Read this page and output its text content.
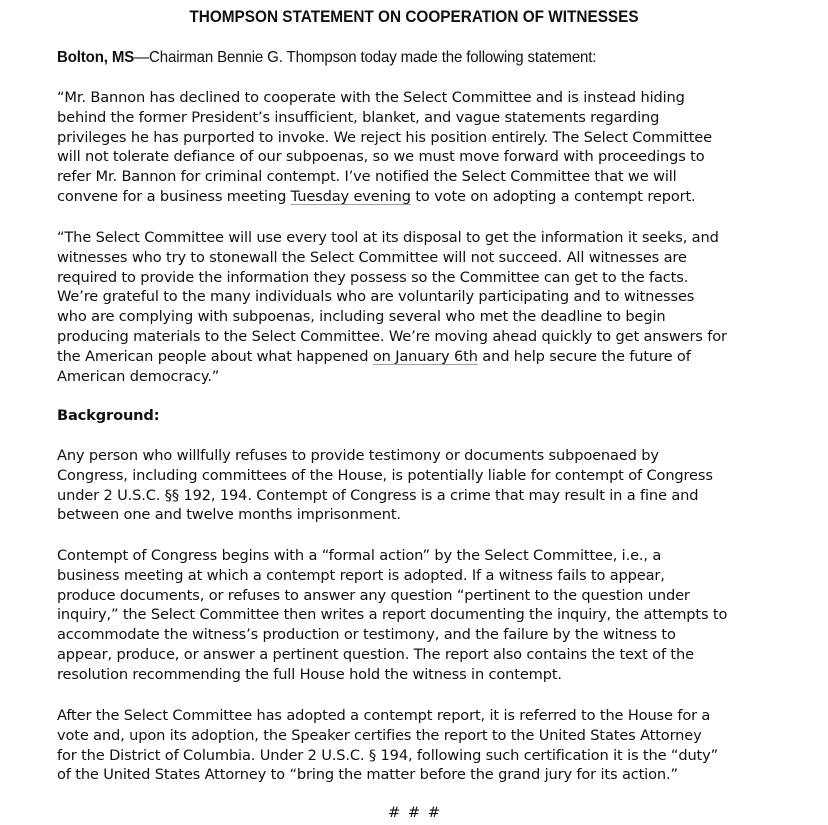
THOMPSON STATEMENT ON COOPERATION OF WITNESSES
Bolton, MS—Chairman Bennie G. Thompson today made the following statement:
“Mr. Bannon has declined to cooperate with the Select Committee and is instead hiding
behind the former President’s insufficient, blanket, and vague statements regarding
privileges he has purported to invoke. We reject his position entirely. The Select Committee
will not tolerate defiance of our subpoenas, so we must move forward with proceedings to
refer Mr. Bannon for criminal contempt. I’ve notified the Select Committee that we will
convene for a business meeting Tuesday evening to vote on adopting a contempt report.
“The Select Committee will use every tool at its disposal to get the information it seeks, and
witnesses who try to stonewall the Select Committee will not succeed. All witnesses are
required to provide the information they possess so the Committee can get to the facts.
We’re grateful to the many individuals who are voluntarily participating and to witnesses
who are complying with subpoenas, including several who met the deadline to begin
producing materials to the Select Committee. We’re moving ahead quickly to get answers for
the American people about what happened on January 6th and help secure the future of
American democracy.”
Background:
Any person who willfully refuses to provide testimony or documents subpoenaed by
Congress, including committees of the House, is potentially liable for contempt of Congress
under 2 U.S.C. §§ 192, 194. Contempt of Congress is a crime that may result in a fine and
between one and twelve months imprisonment.
Contempt of Congress begins with a “formal action” by the Select Committee, i.e., a
business meeting at which a contempt report is adopted. If a witness fails to appear,
produce documents, or refuses to answer any question “pertinent to the question under
inquiry,” the Select Committee then writes a report documenting the inquiry, the attempts to
accommodate the witness’s production or testimony, and the failure by the witness to
appear, produce, or answer a pertinent question. The report also contains the text of the
resolution recommending the full House hold the witness in contempt.
After the Select Committee has adopted a contempt report, it is referred to the House for a
vote and, upon its adoption, the Speaker certifies the report to the United States Attorney
for the District of Columbia. Under 2 U.S.C. § 194, following such certification it is the “duty”
of the United States Attorney to “bring the matter before the grand jury for its action.”
# # #
